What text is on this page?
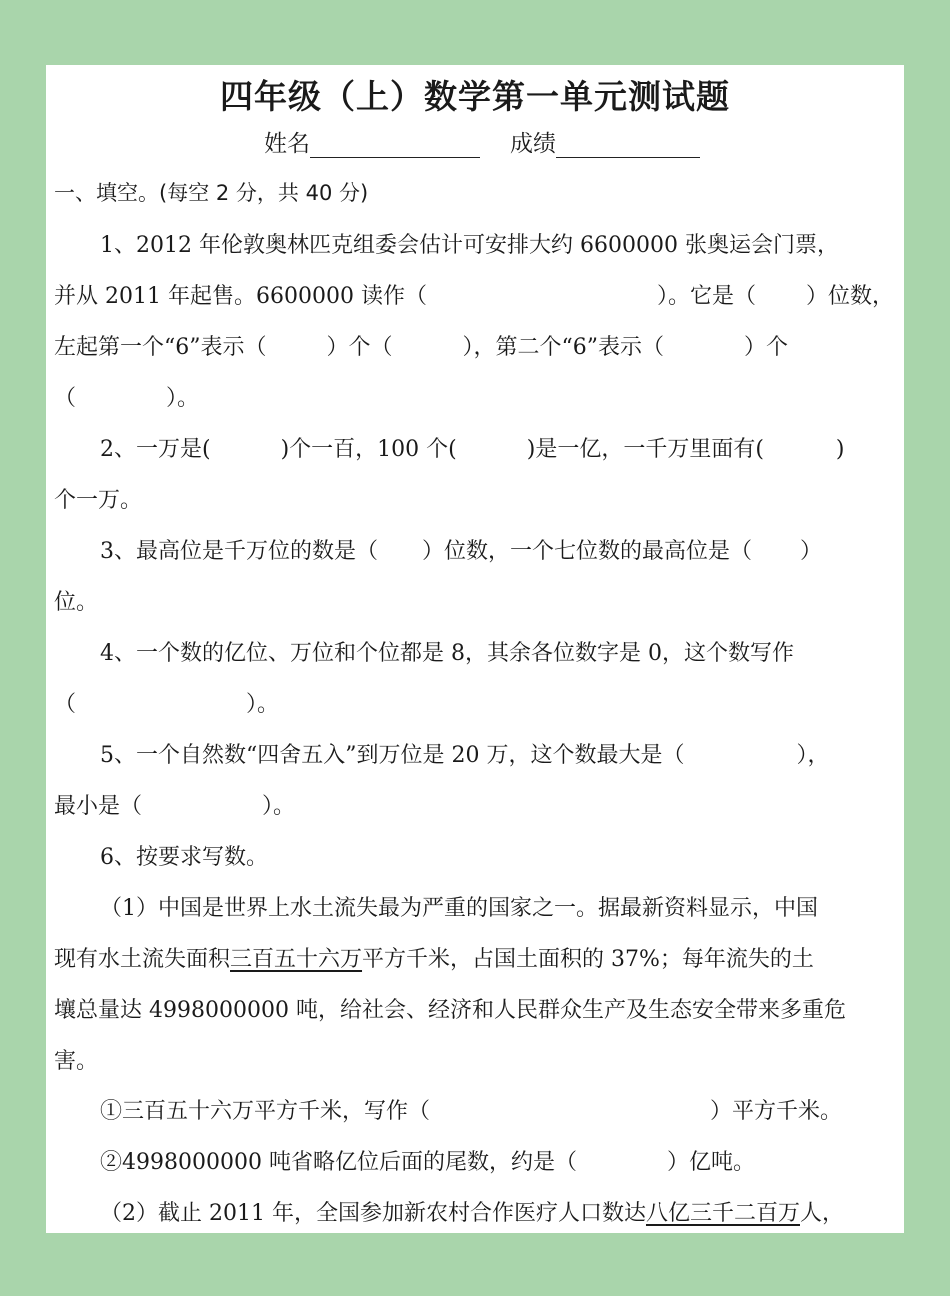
四年级（上）数学第一单元测试题
姓名	成绩
一、填空。(每空 2 分，共 40 分)
1、2012 年伦敦奥林匹克组委会估计可安排大约 6600000 张奥运会门票，
并从 2011 年起售。6600000 读作（	）。它是（ ）位数，
左起第一个“6”表示（	）个（	），第二个“6”表示（	）个
（	）。
2、一万是(	)个一百，100 个(	)是一亿，一千万里面有(	)
个一万。
3、最高位是千万位的数是（ ）位数，一个七位数的最高位是（ ）
位。
4、一个数的亿位、万位和个位都是 8，其余各位数字是 0，这个数写作
（	）。
5、一个自然数“四舍五入”到万位是 20 万，这个数最大是（	），
最小是（	）。
6、按要求写数。
（1）中国是世界上水土流失最为严重的国家之一。据最新资料显示，中国
现有水土流失面积三百五十六万平方千米，占国土面积的 37%；每年流失的土
壤总量达 4998000000 吨，给社会、经济和人民群众生产及生态安全带来多重危
害。
①三百五十六万平方千米，写作（	）平方千米。
②4998000000 吨省略亿位后面的尾数，约是（	）亿吨。
（2）截止 2011 年，全国参加新农村合作医疗人口数达八亿三千二百万人，
